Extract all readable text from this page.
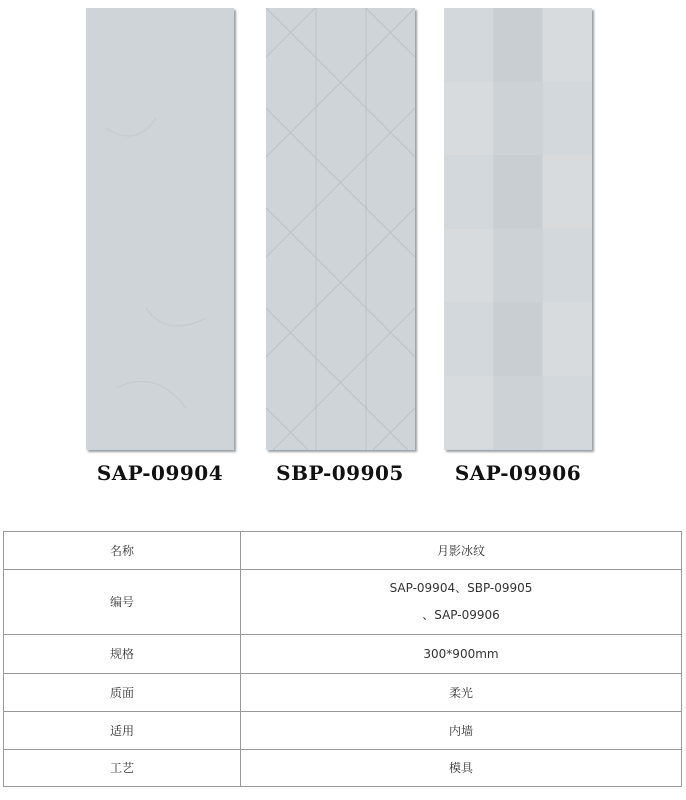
SAP-09904	SBP-09905	SAP-09906
名称	月影冰纹
编号	SAP-09904、SBP-09905
、SAP-09906

规格	300*900mm
质面	柔光
适用	内墙
工艺	模具
